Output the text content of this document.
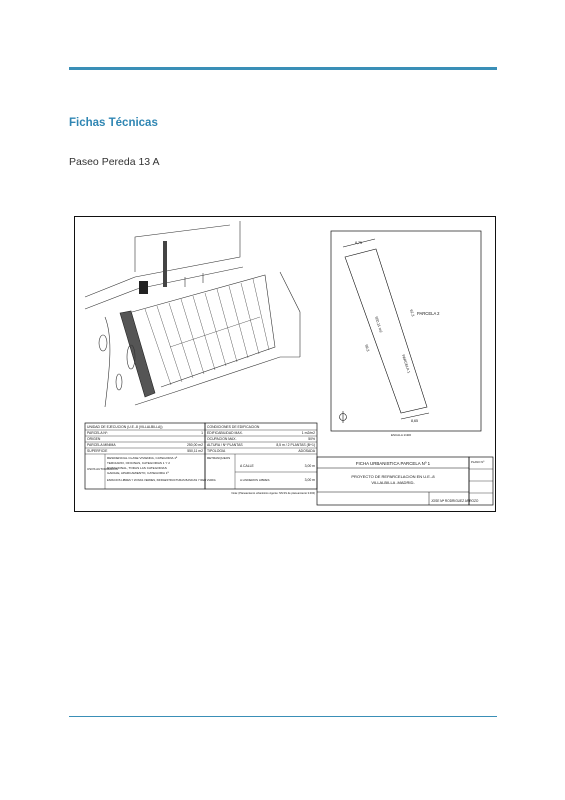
Fichas Técnicas
Paseo Pereda 13 A
UNIDAD DE EJECUCION (U.E.-8 (VILLALBILLA))
PARCELA Nº:	1
ORIGEN
PARCELA MINIMA	250,00 m2
SUPERFICIE	550,11 m2
USOS AUTORIZADOS
RESIDENCIAL CLASE VIVIENDA, CATEGORIA 1ª
TERCIARIO, OFICINAS, CATEGORIAS 1 Y 2
DOTACIONAL, TODAS LAS CATEGORIAS
GARAJE, APARCAMIENTO, CATEGORIA 1ª
ESPACIOS LIBRES Y ZONAS VERDES, INFRAESTRUCTURAS BASICAS Y RED VIARIA
CONDICIONES DE EDIFICACION
EDIFICABILIDAD MAX.	1 m2/m2
OCUPACION MAX.	50%
ALTURA / Nº PLANTAS	8,5 m / 2 PLANTAS (B+1)
TIPOLOGIA	ADOSADA
RETRANQUEOS
A CALLE	3,00 m
A LINDEROS LIBRES	3,00 m
Nota: (Planeamiento urbanístico vigente: NN.SS de planeamiento 3.000)
8,75
8,65
59,3
550,11 m2
PARCELA 1
62,3 PARCELA 2
ESCALA 1/400
FICHA URBANISTICA PARCELA Nº 1
PROYECTO DE REPARCELACION EN U.E.-8
VILLALBILLA -MADRID-
JOSE Mª RODRIGUEZ ARROZO
PLANO Nº
